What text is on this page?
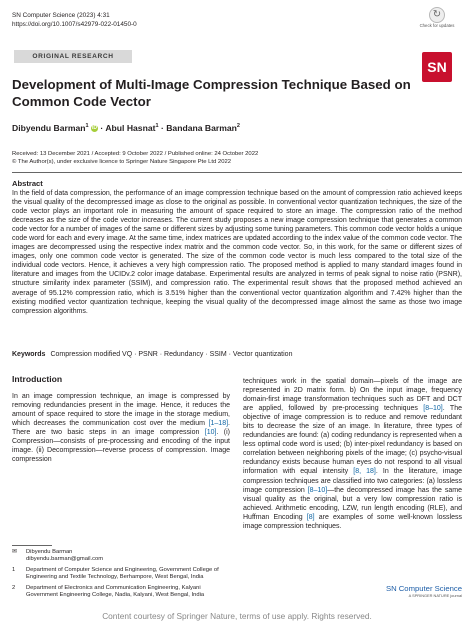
SN Computer Science (2023) 4:31
https://doi.org/10.1007/s42979-022-01450-0
ORIGINAL RESEARCH
↻
Check for updates
SN
Development of Multi-Image Compression Technique Based on Common Code Vector
Dibyendu Barman$^1$ iD · Abul Hasnat$^1$ · Bandana Barman$^2$
Received: 13 December 2021 / Accepted: 9 October 2022 / Published online: 24 October 2022
© The Author(s), under exclusive licence to Springer Nature Singapore Pte Ltd 2022
Abstract
In the field of data compression, the performance of an image compression technique based on the amount of compression ratio achieved keeps the visual quality of the decompressed image as close to the original as possible. In conventional vector quantization techniques, the size of the code vector plays an important role in measuring the amount of space required to store an image. The compression ratio of the method decreases as the size of the code vector increases. The current study proposes a new image compression technique that generates a common code vector for a number of images of the same or different sizes by adjusting some tuning parameters. This common code vector holds a unique code word for each and every image. At the same time, index matrices are updated according to the index value of the common code vector. The images are decompressed using the respective index matrix and the common code vector. So, in this work, for the same or different sizes of images, only one common code vector is generated. The size of the common code vector is much less compared to the total size of the individual code vectors. Hence, it achieves a very high compression ratio. The proposed method is applied to many standard images found in literature and images from the UCIDv.2 color image database. Experimental results are analyzed in terms of peak signal to noise ratio (PSNR), structure similarity index parameter (SSIM), and compression ratio. The experimental result shows that the proposed method achieved an average of 95.12% compression ratio, which is 3.51% higher than the conventional vector quantization algorithm and 7.42% higher than the existing modified vector quantization technique, keeping the visual quality of the decompressed image almost the same as those two image compression algorithms.
Keywords Compression modified VQ · PSNR · Redundancy · SSIM · Vector quantization
Introduction
In an image compression technique, an image is compressed by removing redundancies present in the image. Hence, it reduces the amount of space required to store the image in the storage medium, which decreases the communication cost over the medium [1–18]. There are two basic steps in an image compression [10]. (i) Compression—consists of pre-processing and encoding of the input image. (ii) Decompression—reverse process of compression. Image compression
techniques work in the spatial domain—pixels of the image are represented in 2D matrix form. b) On the input image, frequency domain-first image transformation techniques such as DFT and DCT are applied, followed by pre-processing techniques [8–10]. The objective of image compression is to reduce and remove redundant bits to decrease the size of an image. In literature, three types of redundancies are found: (a) coding redundancy is represented when a less optimal code word is used; (b) inter-pixel redundancy is based on correlation between neighboring pixels of the image; (c) psycho-visual redundancy exists because human eyes do not respond to all visual information with equal intensity [8, 18]. In the literature, image compression techniques are classified into two categories: (a) lossless image compression [8–10]—the decompressed image has the same visual quality as the original, but a very low compression ratio is achieved. Arithmetic encoding, LZW, run length encoding (RLE), and Huffman Encoding [8] are examples of some well-known lossless image compression techniques.
✉	Dibyendu Barman
dibyendu.barman@gmail.com
1	Department of Computer Science and Engineering, Government College of Engineering and Textile Technology, Berhampore, West Bengal, India
2	Department of Electronics and Communication Engineering, Kalyani Government Engineering College, Nadia, Kalyani, West Bengal, India
SN Computer Science
A SPRINGER NATURE journal
Content courtesy of Springer Nature, terms of use apply. Rights reserved.
